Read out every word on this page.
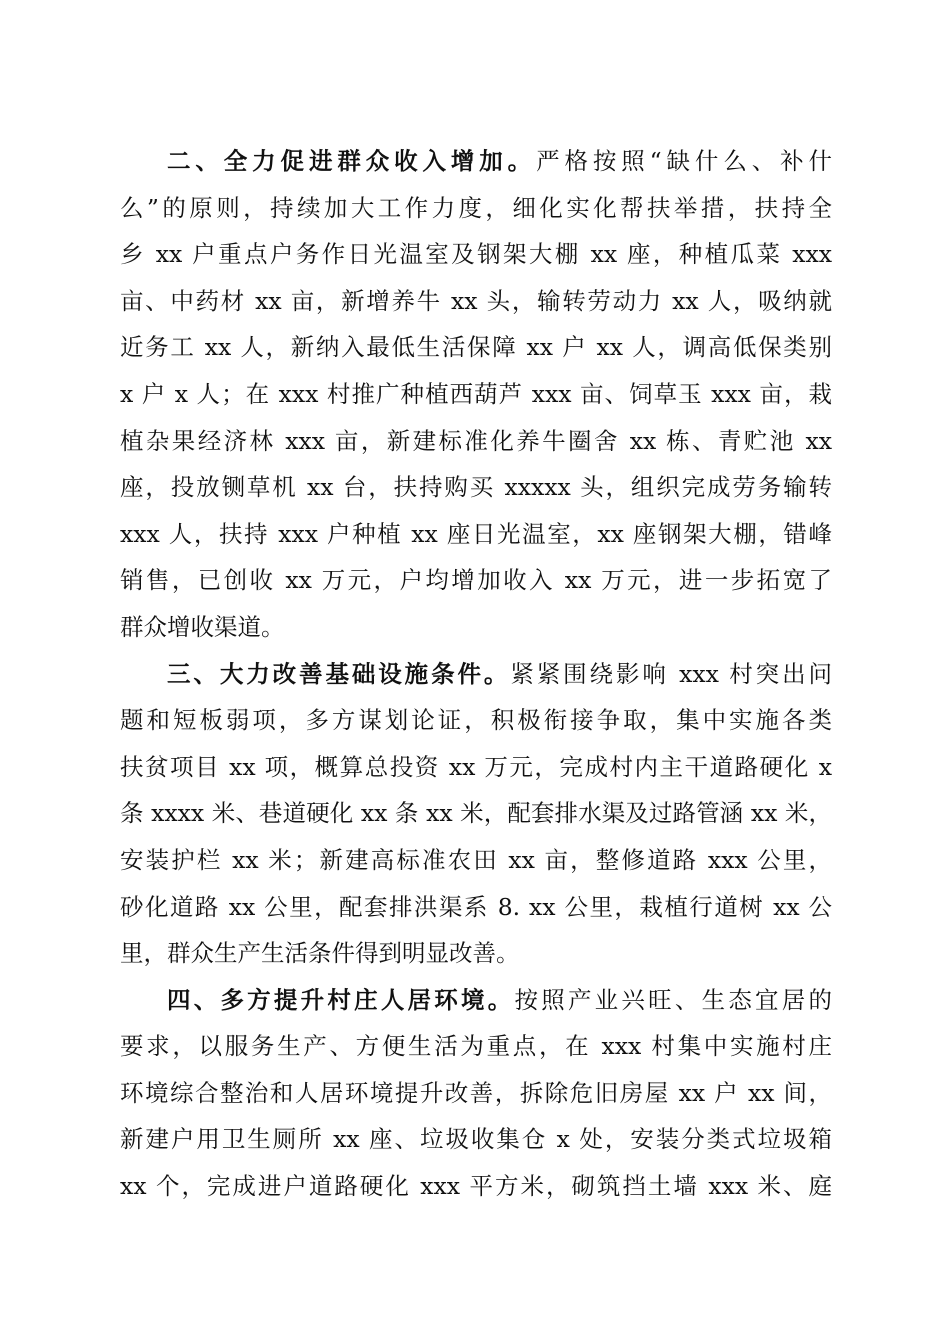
二、全力促进群众收入增加。严格按照“缺什么、补什
么”的原则，持续加大工作力度，细化实化帮扶举措，扶持全
乡 xx 户重点户务作日光温室及钢架大棚 xx 座，种植瓜菜 xxx
亩、中药材 xx 亩，新增养牛 xx 头，输转劳动力 xx 人，吸纳就
近务工 xx 人，新纳入最低生活保障 xx 户 xx 人，调高低保类别
x 户 x 人；在 xxx 村推广种植西葫芦 xxx 亩、饲草玉 xxx 亩，栽
植杂果经济林 xxx 亩，新建标准化养牛圈舍 xx 栋、青贮池 xx
座，投放铡草机 xx 台，扶持购买 xxxxx 头，组织完成劳务输转
xxx 人，扶持 xxx 户种植 xx 座日光温室，xx 座钢架大棚，错峰
销售，已创收 xx 万元，户均增加收入 xx 万元，进一步拓宽了
群众增收渠道。
三、大力改善基础设施条件。紧紧围绕影响 xxx 村突出问
题和短板弱项，多方谋划论证，积极衔接争取，集中实施各类
扶贫项目 xx 项，概算总投资 xx 万元，完成村内主干道路硬化 x
条 xxxx 米、巷道硬化 xx 条 xx 米，配套排水渠及过路管涵 xx 米，
安装护栏 xx 米；新建高标准农田 xx 亩，整修道路 xxx 公里，
砂化道路 xx 公里，配套排洪渠系 8. xx 公里，栽植行道树 xx 公
里，群众生产生活条件得到明显改善。
四、多方提升村庄人居环境。按照产业兴旺、生态宜居的
要求，以服务生产、方便生活为重点，在 xxx 村集中实施村庄
环境综合整治和人居环境提升改善，拆除危旧房屋 xx 户 xx 间，
新建户用卫生厕所 xx 座、垃圾收集仓 x 处，安装分类式垃圾箱
xx 个，完成进户道路硬化 xxx 平方米，砌筑挡土墙 xxx 米、庭
